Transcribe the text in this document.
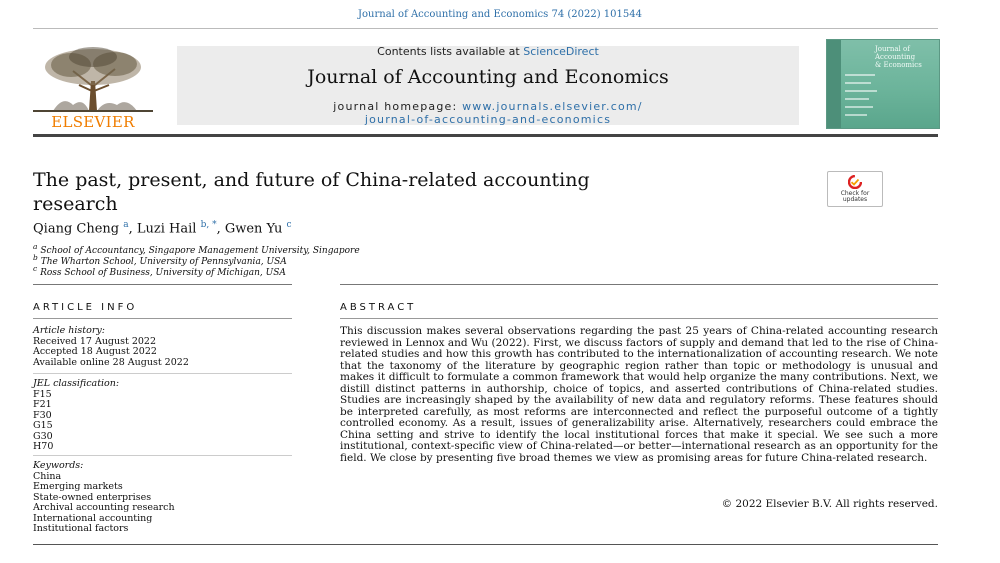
Journal of Accounting and Economics 74 (2022) 101544
ELSEVIER
Contents lists available at ScienceDirect
Journal of Accounting and Economics
journal homepage: www.journals.elsevier.com/
journal-of-accounting-and-economics
Journal of
Accounting
& Economics
The past, present, and future of China-related accounting
research	Check for
updates
Qiang Cheng $^a$, Luzi Hail $^{b, *}$, Gwen Yu $^c$
$^a$ School of Accountancy, Singapore Management University, Singapore
$^b$ The Wharton School, University of Pennsylvania, USA
$^c$ Ross School of Business, University of Michigan, USA
ARTICLE INFO	ABSTRACT
Article history:
Received 17 August 2022
Accepted 18 August 2022
Available online 28 August 2022
JEL classification:
F15
F21
F30
G15
G30
H70
Keywords:
China
Emerging markets
State-owned enterprises
Archival accounting research
International accounting
Institutional factors
This discussion makes several observations regarding the past 25 years of China-related accounting research reviewed in Lennox and Wu (2022). First, we discuss factors of supply and demand that led to the rise of China-related studies and how this growth has contributed to the internationalization of accounting research. We note that the taxonomy of the literature by geographic region rather than topic or methodology is unusual and makes it difficult to formulate a common framework that would help organize the many contributions. Next, we distill distinct patterns in authorship, choice of topics, and asserted contributions of China-related studies. Studies are increasingly shaped by the availability of new data and regulatory reforms. These features should be interpreted carefully, as most reforms are interconnected and reflect the purposeful outcome of a tightly controlled economy. As a result, issues of generalizability arise. Alternatively, researchers could embrace the China setting and strive to identify the local institutional forces that make it special. We see such a more institutional, context-specific view of China-related—or better—international research as an opportunity for the field. We close by presenting five broad themes we view as promising areas for future China-related research.
© 2022 Elsevier B.V. All rights reserved.
